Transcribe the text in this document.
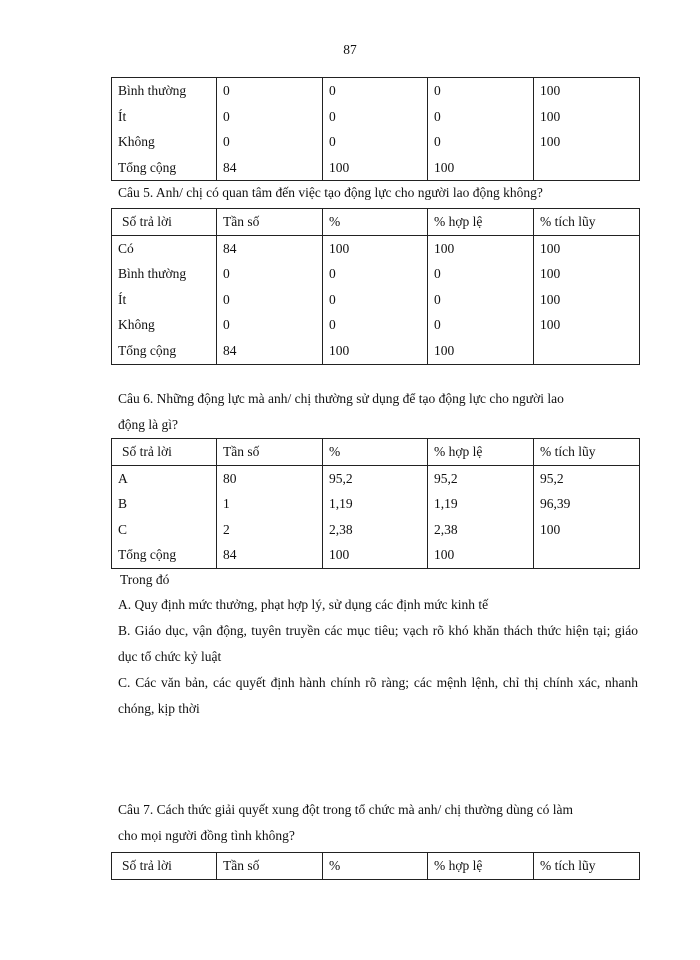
87
Bình thường	0	0	0	100
Ít	0	0	0	100
Không	0	0	0	100
Tổng cộng	84	100	100	
Câu 5. Anh/ chị có quan tâm đến việc tạo động lực cho người lao động không?
Số trả lời	Tần số	%	% hợp lệ	% tích lũy
Có	84	100	100	100
Bình thường	0	0	0	100
Ít	0	0	0	100
Không	0	0	0	100
Tổng cộng	84	100	100	
Câu 6. Những động lực mà anh/ chị thường sử dụng để tạo động lực cho người lao
động là gì?
Số trả lời	Tần số	%	% hợp lệ	% tích lũy
A	80	95,2	95,2	95,2
B	1	1,19	1,19	96,39
C	2	2,38	2,38	100
Tổng cộng	84	100	100	
Trong đó
A. Quy định mức thưởng, phạt hợp lý, sử dụng các định mức kinh tế
B. Giáo dục, vận động, tuyên truyền các mục tiêu; vạch rõ khó khăn thách thức hiện tại; giáo dục tổ chức kỷ luật
C. Các văn bản, các quyết định hành chính rõ ràng; các mệnh lệnh, chỉ thị chính xác, nhanh chóng, kịp thời
Câu 7. Cách thức giải quyết xung đột trong tổ chức mà anh/ chị thường dùng có làm
cho mọi người đồng tình không?
Số trả lời	Tần số	%	% hợp lệ	% tích lũy
